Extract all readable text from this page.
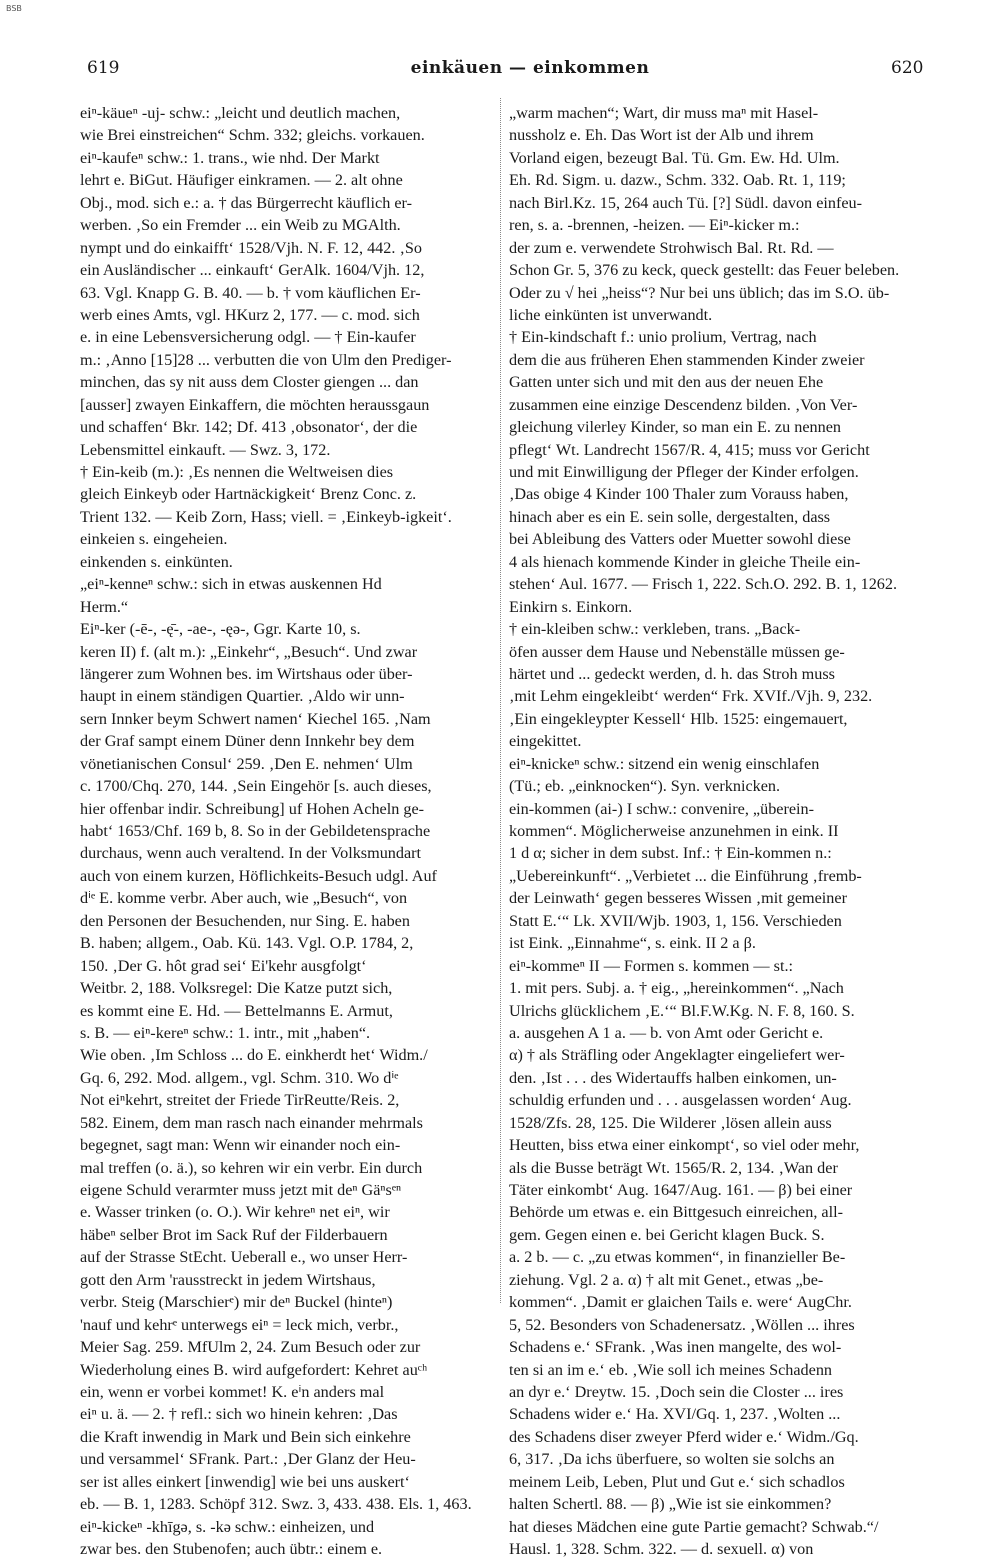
BSB
619	einkäuen — einkommen	620
eiⁿ-käueⁿ -uj- schw.: „leicht und deutlich machen,
wie Brei einstreichen“ Schm. 332; gleichs. vorkauen.
eiⁿ-kaufeⁿ schw.: 1. trans., wie nhd. Der Markt
lehrt e. BiGut. Häufiger einkramen. — 2. alt ohne
Obj., mod. sich e.: a. † das Bürgerrecht käuflich er-
werben. ‚So ein Fremder ... ein Weib zu MGAlth.
nympt und do einkaifft‘ 1528/Vjh. N. F. 12, 442. ‚So
ein Ausländischer ... einkauft‘ GerAlk. 1604/Vjh. 12,
63. Vgl. Knapp G. B. 40. — b. † vom käuflichen Er-
werb eines Amts, vgl. HKurz 2, 177. — c. mod. sich
e. in eine Lebensversicherung odgl. — † Ein-kaufer
m.: ‚Anno [15]28 ... verbutten die von Ulm den Prediger-
minchen, das sy nit auss dem Closter giengen ... dan
[ausser] zwayen Einkaffern, die möchten heraussgaun
und schaffen‘ Bkr. 142; Df. 413 ‚obsonator‘, der die
Lebensmittel einkauft. — Swz. 3, 172.
† Ein-keib (m.): ‚Es nennen die Weltweisen dies
gleich Einkeyb oder Hartnäckigkeit‘ Brenz Conc. z.
Trient 132. — Keib Zorn, Hass; viell. = ‚Einkeyb-igkeit‘.
einkeien s. eingeheien.
einkenden s. einkünten.
„eiⁿ-kenneⁿ schw.: sich in etwas auskennen Hd
Herm.“
Eiⁿ-ker (-ē-, -ę̄-, -ae-, -ęə-, Ggr. Karte 10, s.
keren II) f. (alt m.): „Einkehr“, „Besuch“. Und zwar
längerer zum Wohnen bes. im Wirtshaus oder über-
haupt in einem ständigen Quartier. ‚Aldo wir unn-
sern Innker beym Schwert namen‘ Kiechel 165. ‚Nam
der Graf sampt einem Düner denn Innkehr bey dem
vönetianischen Consul‘ 259. ‚Den E. nehmen‘ Ulm
c. 1700/Chq. 270, 144. ‚Sein Eingehör [s. auch dieses,
hier offenbar indir. Schreibung] uf Hohen Acheln ge-
habt‘ 1653/Chf. 169 b, 8. So in der Gebildetensprache
durchaus, wenn auch veraltend. In der Volksmundart
auch von einem kurzen, Höflichkeits-Besuch udgl. Auf
dⁱᵉ E. komme verbr. Aber auch, wie „Besuch“, von
den Personen der Besuchenden, nur Sing. E. haben
B. haben; allgem., Oab. Kü. 143. Vgl. O.P. 1784, 2,
150. ‚Der G. hôt grad sei‘ Ei'kehr ausgfolgt‘
Weitbr. 2, 188. Volksregel: Die Katze putzt sich,
es kommt eine E. Hd. — Bettelmanns E. Armut,
s. B. — eiⁿ-kereⁿ schw.: 1. intr., mit „haben“.
Wie oben. ‚Im Schloss ... do E. einkherdt het‘ Widm./
Gq. 6, 292. Mod. allgem., vgl. Schm. 310. Wo dⁱᵉ
Not eiⁿkehrt, streitet der Friede TirReutte/Reis. 2,
582. Einem, dem man rasch nach einander mehrmals
begegnet, sagt man: Wenn wir einander noch ein-
mal treffen (o. ä.), so kehren wir ein verbr. Ein durch
eigene Schuld verarmter muss jetzt mit deⁿ Gäⁿsᵉⁿ
e. Wasser trinken (o. O.). Wir kehreⁿ net eiⁿ, wir
häbeⁿ selber Brot im Sack Ruf der Filderbauern
auf der Strasse StEcht. Ueberall e., wo unser Herr-
gott den Arm 'rausstreckt in jedem Wirtshaus,
verbr. Steig (Marschierᵉ) mir deⁿ Buckel (hinteⁿ)
'nauf und kehrᵉ unterwegs eiⁿ = leck mich, verbr.,
Meier Sag. 259. MfUlm 2, 24. Zum Besuch oder zur
Wiederholung eines B. wird aufgefordert: Kehret auᶜʰ
ein, wenn er vorbei kommet! K. eⁱn anders mal
eiⁿ u. ä. — 2. † refl.: sich wo hinein kehren: ‚Das
die Kraft inwendig in Mark und Bein sich einkehre
und versammel‘ SFrank. Part.: ‚Der Glanz der Heu-
ser ist alles einkert [inwendig] wie bei uns auskert‘
eb. — B. 1, 1283. Schöpf 312. Swz. 3, 433. 438. Els. 1, 463.
eiⁿ-kickeⁿ -khīgə, s. -kə schw.: einheizen, und
zwar bes. den Stubenofen; auch übtr.: einem e.
„warm machen“; Wart, dir muss maⁿ mit Hasel-
nussholz e. Eh. Das Wort ist der Alb und ihrem
Vorland eigen, bezeugt Bal. Tü. Gm. Ew. Hd. Ulm.
Eh. Rd. Sigm. u. dazw., Schm. 332. Oab. Rt. 1, 119;
nach Birl.Kz. 15, 264 auch Tü. [?] Südl. davon einfeu-
ren, s. a. -brennen, -heizen. — Eiⁿ-kicker m.:
der zum e. verwendete Strohwisch Bal. Rt. Rd. —
Schon Gr. 5, 376 zu keck, queck gestellt: das Feuer beleben.
Oder zu √ hei „heiss“? Nur bei uns üblich; das im S.O. üb-
liche einkünten ist unverwandt.
† Ein-kindschaft f.: unio prolium, Vertrag, nach
dem die aus früheren Ehen stammenden Kinder zweier
Gatten unter sich und mit den aus der neuen Ehe
zusammen eine einzige Descendenz bilden. ‚Von Ver-
gleichung vilerley Kinder, so man ein E. zu nennen
pflegt‘ Wt. Landrecht 1567/R. 4, 415; muss vor Gericht
und mit Einwilligung der Pfleger der Kinder erfolgen.
‚Das obige 4 Kinder 100 Thaler zum Vorauss haben,
hinach aber es ein E. sein solle, dergestalten, dass
bei Ableibung des Vatters oder Muetter sowohl diese
4 als hienach kommende Kinder in gleiche Theile ein-
stehen‘ Aul. 1677. — Frisch 1, 222. Sch.O. 292. B. 1, 1262.
Einkirn s. Einkorn.
† ein-kleiben schw.: verkleben, trans. „Back-
öfen ausser dem Hause und Nebenställe müssen ge-
härtet und ... gedeckt werden, d. h. das Stroh muss
‚mit Lehm eingekleibt‘ werden“ Frk. XVIf./Vjh. 9, 232.
‚Ein eingekleypter Kessell‘ Hlb. 1525: eingemauert,
eingekittet.
eiⁿ-knickeⁿ schw.: sitzend ein wenig einschlafen
(Tü.; eb. „einknocken“). Syn. verknicken.
ein-kommen (ai-) I schw.: convenire, „überein-
kommen“. Möglicherweise anzunehmen in eink. II
1 d α; sicher in dem subst. Inf.: † Ein-kommen n.:
„Uebereinkunft“. „Verbietet ... die Einführung ‚fremb-
der Leinwath‘ gegen besseres Wissen ‚mit gemeiner
Statt E.‘“ Lk. XVII/Wjb. 1903, 1, 156. Verschieden
ist Eink. „Einnahme“, s. eink. II 2 a β.
eiⁿ-kommeⁿ II — Formen s. kommen — st.:
1. mit pers. Subj. a. † eig., „hereinkommen“. „Nach
Ulrichs glücklichem ‚E.‘“ Bl.F.W.Kg. N. F. 8, 160. S.
a. ausgehen A 1 a. — b. von Amt oder Gericht e.
α) † als Sträfling oder Angeklagter eingeliefert wer-
den. ‚Ist . . . des Widertauffs halben einkomen, un-
schuldig erfunden und . . . ausgelassen worden‘ Aug.
1528/Zfs. 28, 125. Die Wilderer ‚lösen allein auss
Heutten, biss etwa einer einkompt‘, so viel oder mehr,
als die Busse beträgt Wt. 1565/R. 2, 134. ‚Wan der
Täter einkombt‘ Aug. 1647/Aug. 161. — β) bei einer
Behörde um etwas e. ein Bittgesuch einreichen, all-
gem. Gegen einen e. bei Gericht klagen Buck. S.
a. 2 b. — c. „zu etwas kommen“, in finanzieller Be-
ziehung. Vgl. 2 a. α) † alt mit Genet., etwas „be-
kommen“. ‚Damit er glaichen Tails e. were‘ AugChr.
5, 52. Besonders von Schadenersatz. ‚Wöllen ... ihres
Schadens e.‘ SFrank. ‚Was inen mangelte, des wol-
ten si an im e.‘ eb. ‚Wie soll ich meines Schadenn
an dyr e.‘ Dreytw. 15. ‚Doch sein die Closter ... ires
Schadens wider e.‘ Ha. XVI/Gq. 1, 237. ‚Wolten ...
des Schadens diser zweyer Pferd wider e.‘ Widm./Gq.
6, 317. ‚Da ichs überfuere, so wolten sie solchs an
meinem Leib, Leben, Plut und Gut e.‘ sich schadlos
halten Schertl. 88. — β) „Wie ist sie einkommen?
hat dieses Mädchen eine gute Partie gemacht? Schwab.“/
Hausl. 1, 328. Schm. 322. — d. sexuell. α) von
